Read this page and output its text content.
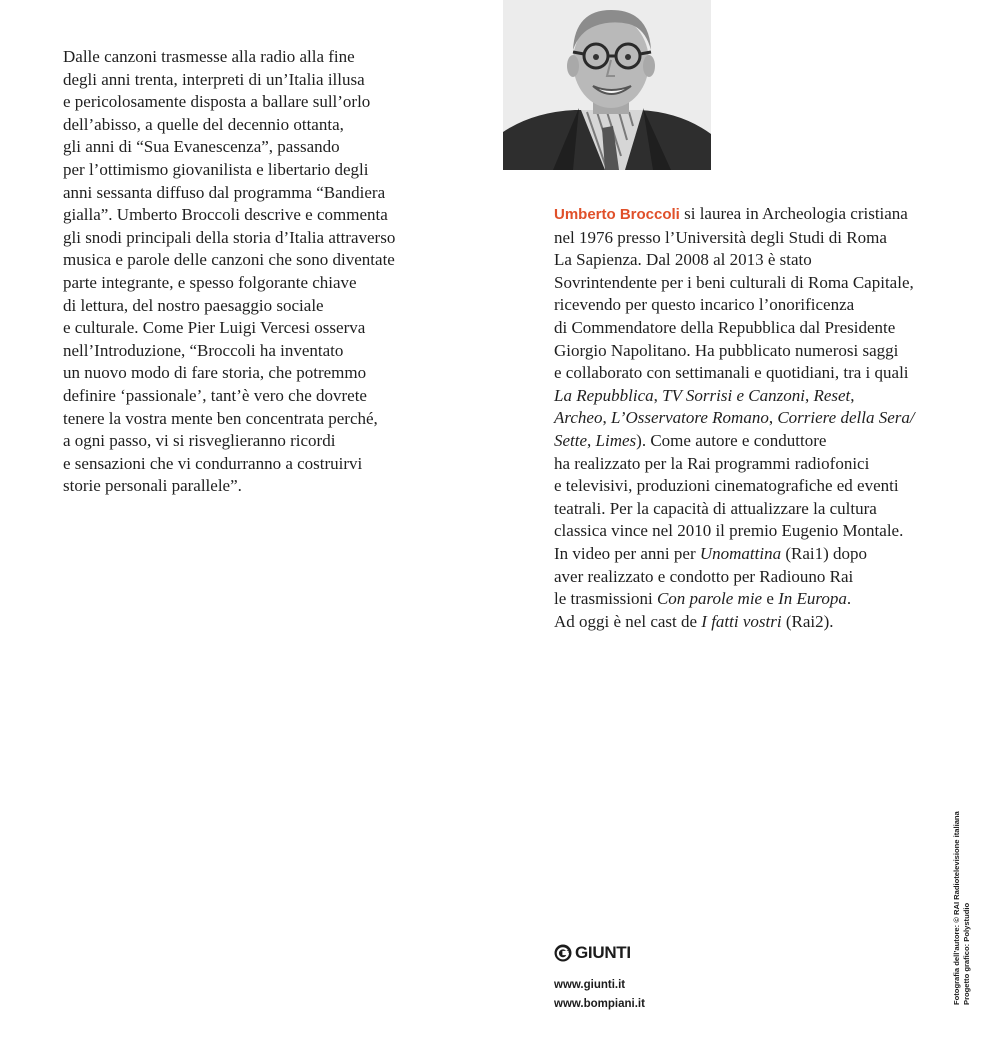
Dalle canzoni trasmesse alla radio alla fine
degli anni trenta, interpreti di un’Italia illusa
e pericolosamente disposta a ballare sull’orlo
dell’abisso, a quelle del decennio ottanta,
gli anni di “Sua Evanescenza”, passando
per l’ottimismo giovanilista e libertario degli
anni sessanta diffuso dal programma “Bandiera
gialla”. Umberto Broccoli descrive e commenta
gli snodi principali della storia d’Italia attraverso
musica e parole delle canzoni che sono diventate
parte integrante, e spesso folgorante chiave
di lettura, del nostro paesaggio sociale
e culturale. Come Pier Luigi Vercesi osserva
nell’Introduzione, “Broccoli ha inventato
un nuovo modo di fare storia, che potremmo
definire ‘passionale’, tant’è vero che dovrete
tenere la vostra mente ben concentrata perché,
a ogni passo, vi si risveglieranno ricordi
e sensazioni che vi condurranno a costruirvi
storie personali parallele”.
Umberto Broccoli si laurea in Archeologia cristiana
nel 1976 presso l’Università degli Studi di Roma
La Sapienza. Dal 2008 al 2013 è stato
Sovrintendente per i beni culturali di Roma Capitale,
ricevendo per questo incarico l’onorificenza
di Commendatore della Repubblica dal Presidente
Giorgio Napolitano. Ha pubblicato numerosi saggi
e collaborato con settimanali e quotidiani, tra i quali
La Repubblica, TV Sorrisi e Canzoni, Reset,
Archeo, L’Osservatore Romano, Corriere della Sera/
Sette, Limes). Come autore e conduttore
ha realizzato per la Rai programmi radiofonici
e televisivi, produzioni cinematografiche ed eventi
teatrali. Per la capacità di attualizzare la cultura
classica vince nel 2010 il premio Eugenio Montale.
In video per anni per Unomattina (Rai1) dopo
aver realizzato e condotto per Radiouno Rai
le trasmissioni Con parole mie e In Europa.
Ad oggi è nel cast de I fatti vostri (Rai2).
GIUNTI
www.giunti.it
www.bompiani.it	Fotografia dell’autore: © RAI Radiotelevisione italiana Progetto grafico: Polystudio
